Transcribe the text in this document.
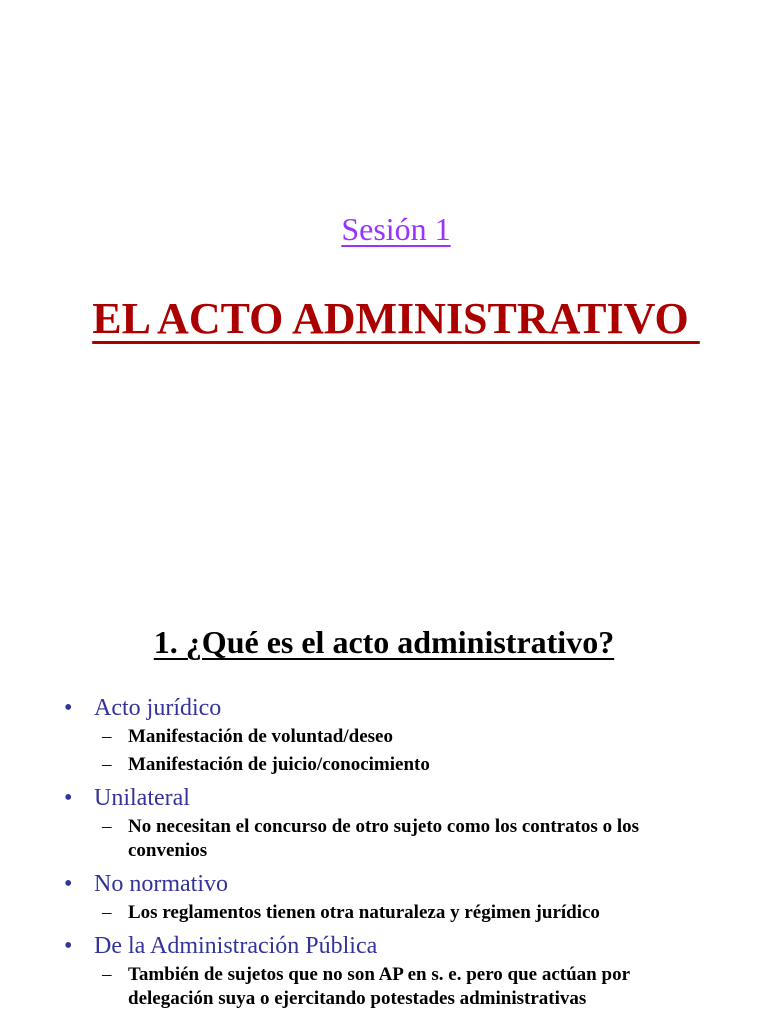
Sesión 1
EL ACTO ADMINISTRATIVO
1. ¿Qué es el acto administrativo?
• Acto jurídico
– Manifestación de voluntad/deseo
– Manifestación de juicio/conocimiento
• Unilateral
– No necesitan el concurso de otro sujeto como los contratos o los convenios
• No normativo
– Los reglamentos tienen otra naturaleza y régimen jurídico
• De la Administración Pública
– También de sujetos que no son AP en s. e. pero que actúan por delegación suya o ejercitando potestades administrativas
